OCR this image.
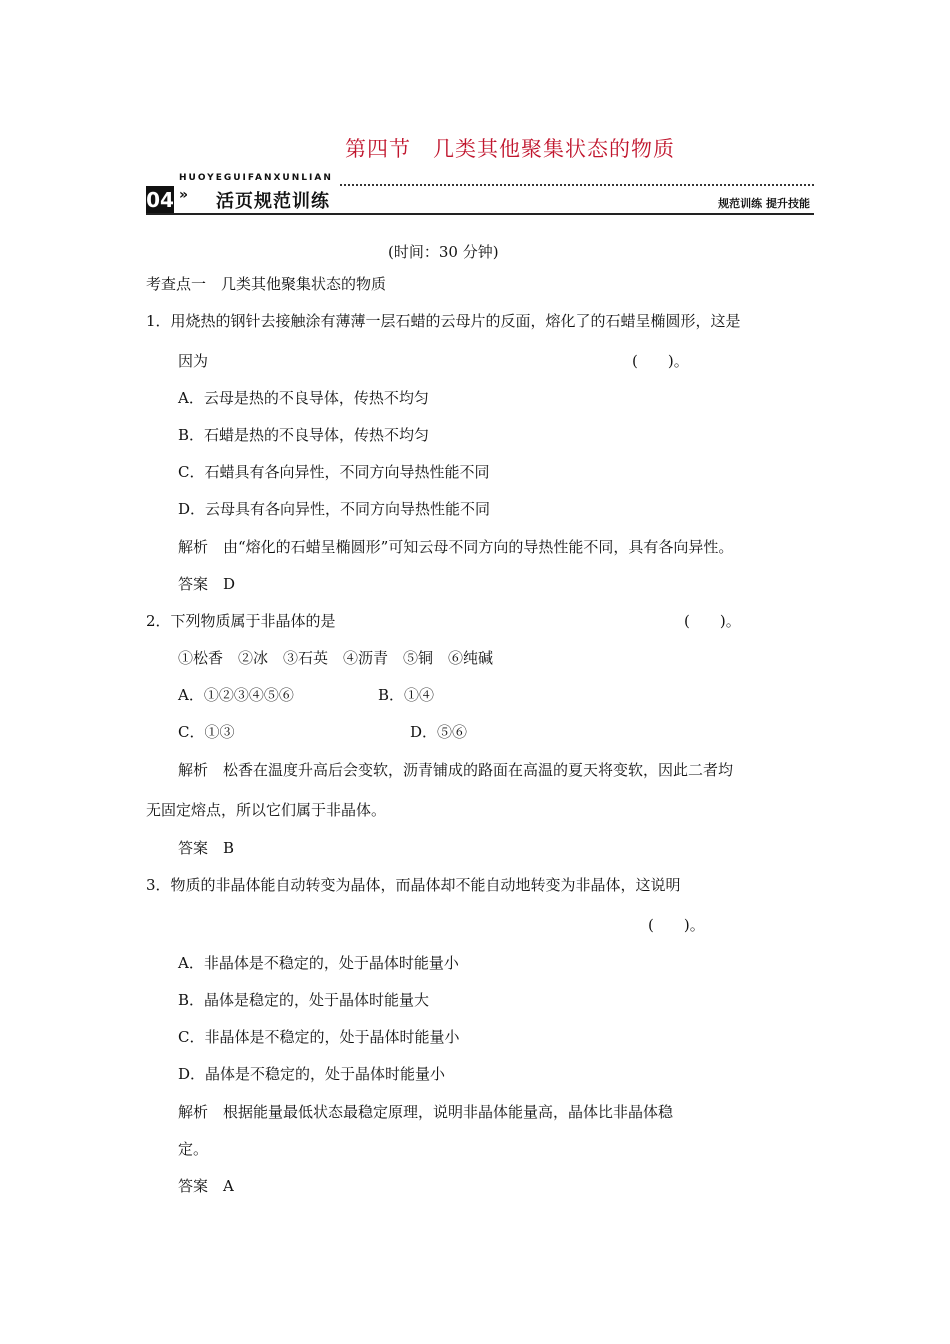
第四节　几类其他聚集状态的物质
04
HUOYEGUIFANXUNLIAN
» 活页规范训练	规范训练 提升技能
(时间：30 分钟)
考查点一　几类其他聚集状态的物质
1．用烧热的钢针去接触涂有薄薄一层石蜡的云母片的反面，熔化了的石蜡呈椭圆形，这是
因为	(　　)。
A．云母是热的不良导体，传热不均匀
B．石蜡是热的不良导体，传热不均匀
C．石蜡具有各向异性，不同方向导热性能不同
D．云母具有各向异性，不同方向导热性能不同
解析　由“熔化的石蜡呈椭圆形”可知云母不同方向的导热性能不同，具有各向异性。
答案　D
2．下列物质属于非晶体的是	(　　)。
①松香　②冰　③石英　④沥青　⑤铜　⑥纯碱
A．①②③④⑤⑥	B．①④
C．①③	D．⑤⑥
解析　松香在温度升高后会变软，沥青铺成的路面在高温的夏天将变软，因此二者均
无固定熔点，所以它们属于非晶体。
答案　B
3．物质的非晶体能自动转变为晶体，而晶体却不能自动地转变为非晶体，这说明
(　　)。
A．非晶体是不稳定的，处于晶体时能量小
B．晶体是稳定的，处于晶体时能量大
C．非晶体是不稳定的，处于晶体时能量小
D．晶体是不稳定的，处于晶体时能量小
解析　根据能量最低状态最稳定原理，说明非晶体能量高，晶体比非晶体稳
定。
答案　A
